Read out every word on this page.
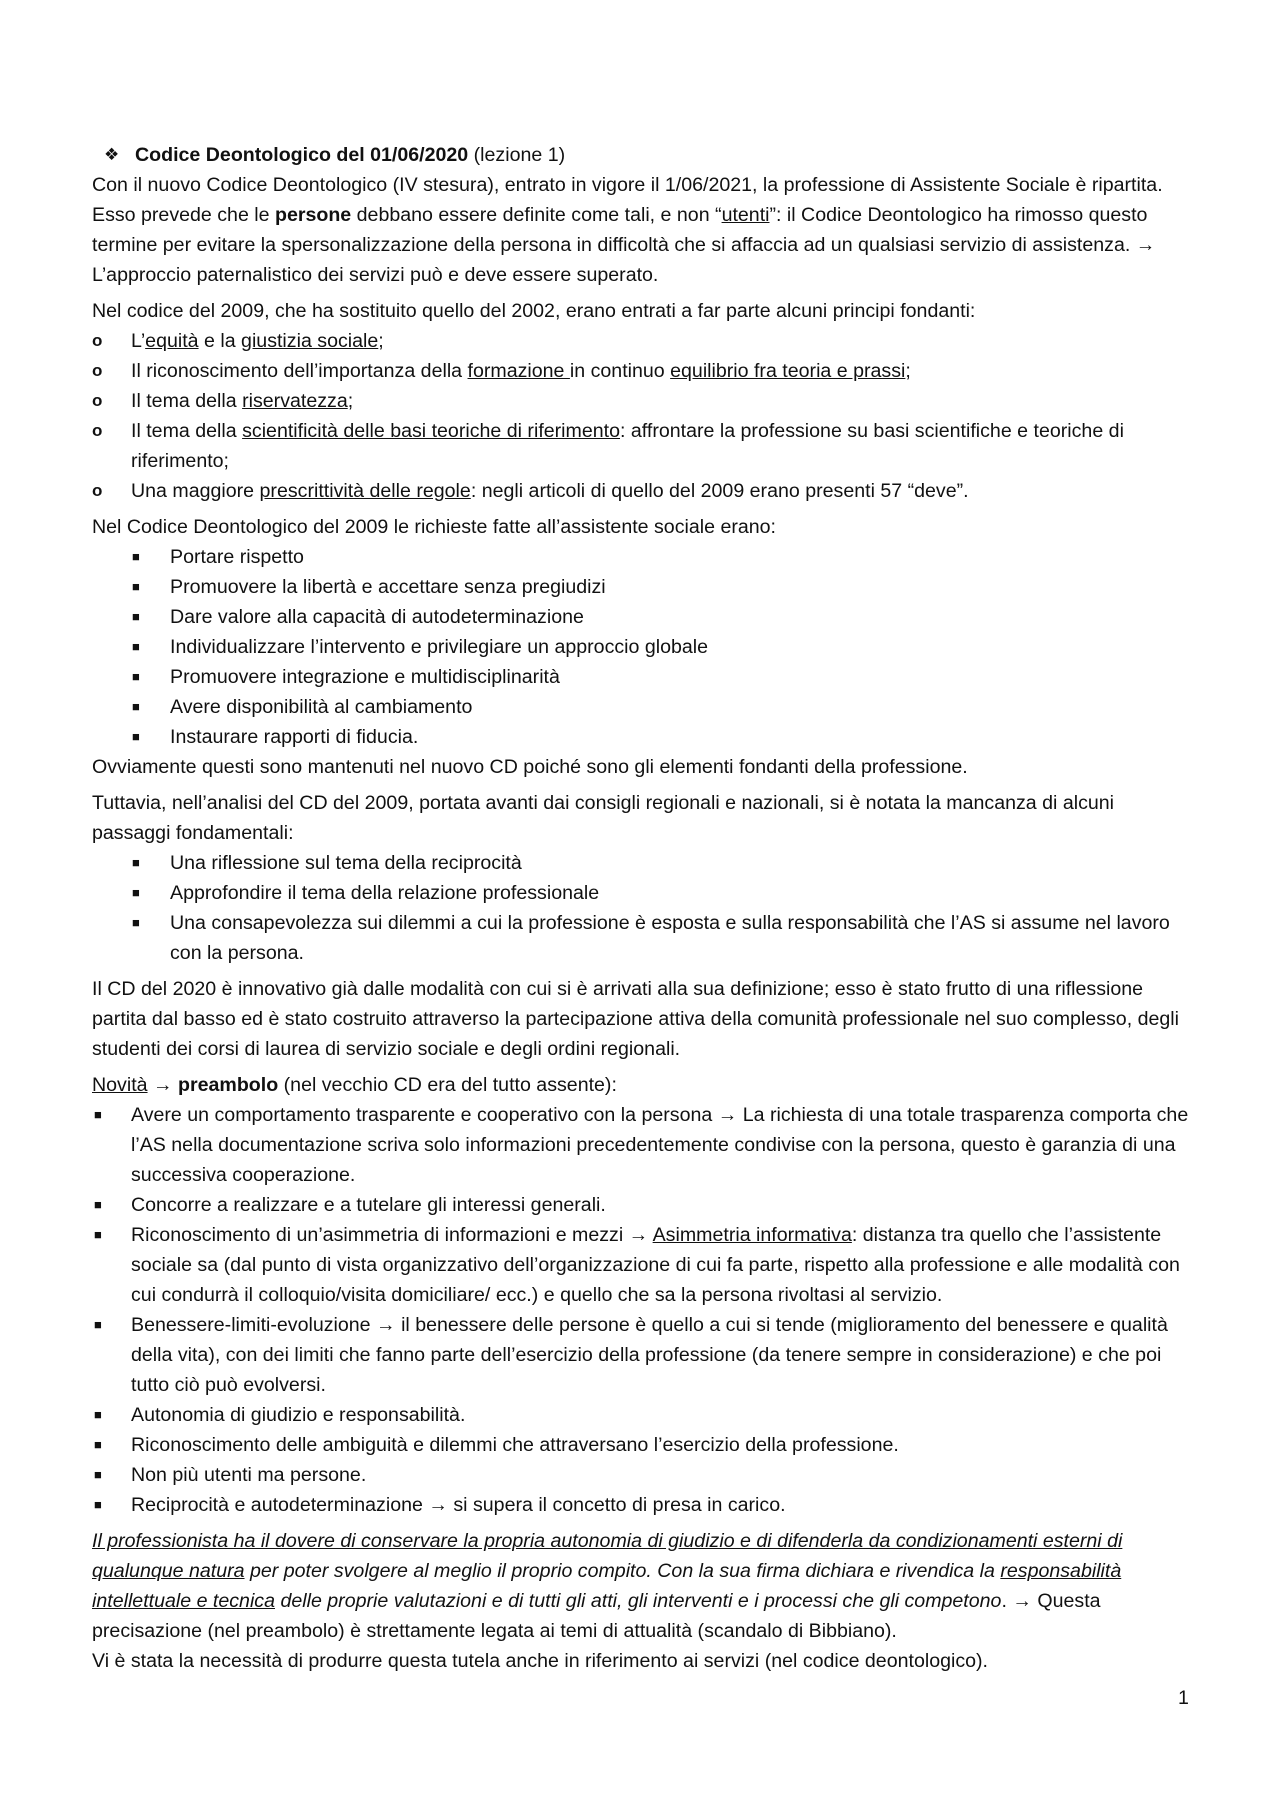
❖ Codice Deontologico del 01/06/2020 (lezione 1)

Con il nuovo Codice Deontologico (IV stesura), entrato in vigore il 1/06/2021, la professione di Assistente Sociale è ripartita. Esso prevede che le persone debbano essere definite come tali, e non “utenti”: il Codice Deontologico ha rimosso questo termine per evitare la spersonalizzazione della persona in difficoltà che si affaccia ad un qualsiasi servizio di assistenza. → L’approccio paternalistico dei servizi può e deve essere superato.

Nel codice del 2009, che ha sostituito quello del 2002, erano entrati a far parte alcuni principi fondanti:

o L’equità e la giustizia sociale;
o Il riconoscimento dell’importanza della formazione in continuo equilibrio fra teoria e prassi;
o Il tema della riservatezza;
o Il tema della scientificità delle basi teoriche di riferimento: affrontare la professione su basi scientifiche e teoriche di riferimento;
o Una maggiore prescrittività delle regole: negli articoli di quello del 2009 erano presenti 57 “deve”.

Nel Codice Deontologico del 2009 le richieste fatte all’assistente sociale erano:

■ Portare rispetto
■ Promuovere la libertà e accettare senza pregiudizi
■ Dare valore alla capacità di autodeterminazione
■ Individualizzare l’intervento e privilegiare un approccio globale
■ Promuovere integrazione e multidisciplinarità
■ Avere disponibilità al cambiamento
■ Instaurare rapporti di fiducia.

Ovviamente questi sono mantenuti nel nuovo CD poiché sono gli elementi fondanti della professione.

Tuttavia, nell’analisi del CD del 2009, portata avanti dai consigli regionali e nazionali, si è notata la mancanza di alcuni passaggi fondamentali:

■ Una riflessione sul tema della reciprocità
■ Approfondire il tema della relazione professionale
■ Una consapevolezza sui dilemmi a cui la professione è esposta e sulla responsabilità che l’AS si assume nel lavoro con la persona.

Il CD del 2020 è innovativo già dalle modalità con cui si è arrivati alla sua definizione; esso è stato frutto di una riflessione partita dal basso ed è stato costruito attraverso la partecipazione attiva della comunità professionale nel suo complesso, degli studenti dei corsi di laurea di servizio sociale e degli ordini regionali.

Novità → preambolo (nel vecchio CD era del tutto assente):

■ Avere un comportamento trasparente e cooperativo con la persona → La richiesta di una totale trasparenza comporta che l’AS nella documentazione scriva solo informazioni precedentemente condivise con la persona, questo è garanzia di una successiva cooperazione.
■ Concorre a realizzare e a tutelare gli interessi generali.
■ Riconoscimento di un’asimmetria di informazioni e mezzi → Asimmetria informativa: distanza tra quello che l’assistente sociale sa (dal punto di vista organizzativo dell’organizzazione di cui fa parte, rispetto alla professione e alle modalità con cui condurrà il colloquio/visita domiciliare/ ecc.) e quello che sa la persona rivoltasi al servizio.
■ Benessere-limiti-evoluzione → il benessere delle persone è quello a cui si tende (miglioramento del benessere e qualità della vita), con dei limiti che fanno parte dell’esercizio della professione (da tenere sempre in considerazione) e che poi tutto ciò può evolversi.
■ Autonomia di giudizio e responsabilità.
■ Riconoscimento delle ambiguità e dilemmi che attraversano l’esercizio della professione.
■ Non più utenti ma persone.
■ Reciprocità e autodeterminazione → si supera il concetto di presa in carico.

Il professionista ha il dovere di conservare la propria autonomia di giudizio e di difenderla da condizionamenti esterni di qualunque natura per poter svolgere al meglio il proprio compito. Con la sua firma dichiara e rivendica la responsabilità intellettuale e tecnica delle proprie valutazioni e di tutti gli atti, gli interventi e i processi che gli competono. → Questa precisazione (nel preambolo) è strettamente legata ai temi di attualità (scandalo di Bibbiano).

Vi è stata la necessità di produrre questa tutela anche in riferimento ai servizi (nel codice deontologico).

1
